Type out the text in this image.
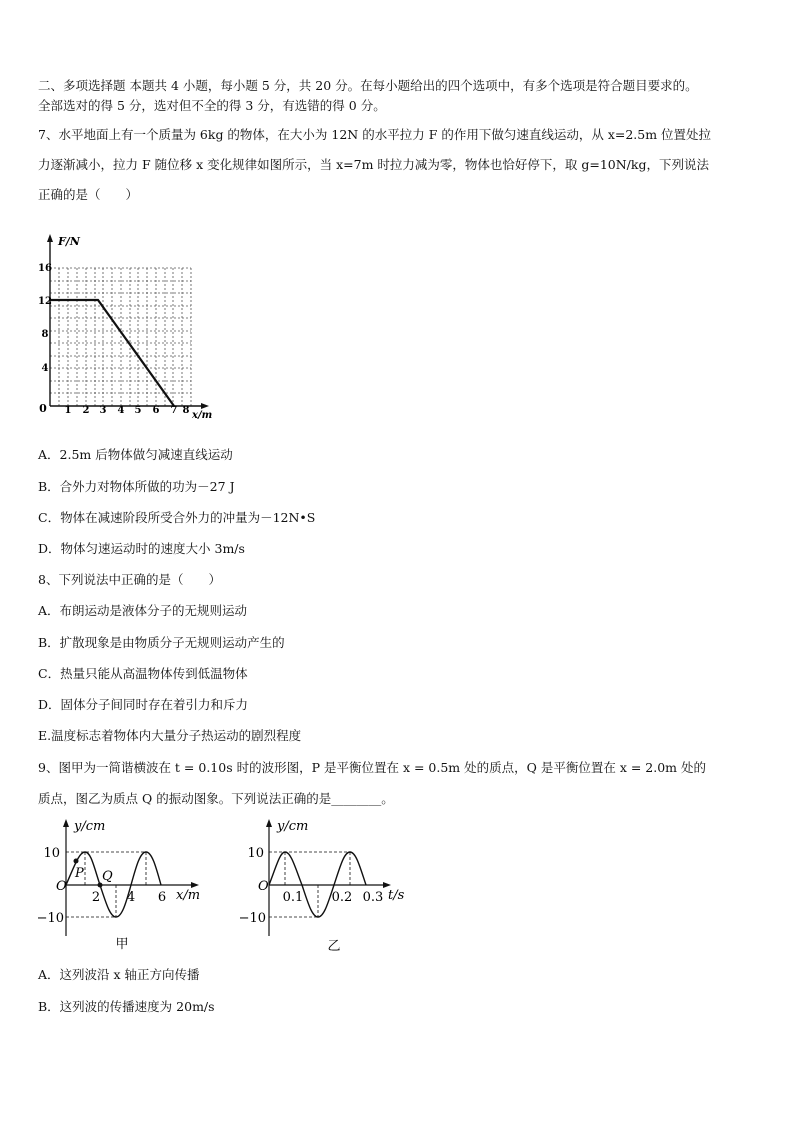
二、多项选择题 本题共 4 小题，每小题 5 分，共 20 分。在每小题给出的四个选项中，有多个选项是符合题目要求的。
全部选对的得 5 分，选对但不全的得 3 分，有选错的得 0 分。
7、水平地面上有一个质量为 6kg 的物体，在大小为 12N 的水平拉力 F 的作用下做匀速直线运动，从 x=2.5m 位置处拉
力逐渐减小，拉力 F 随位移 x 变化规律如图所示，当 x=7m 时拉力减为零，物体也恰好停下，取 g=10N/kg，下列说法
正确的是（　　）
F/N
x/m
0
16
12
8
4
1 2 3 4 5 6 7 8
A．2.5m 后物体做匀减速直线运动
B．合外力对物体所做的功为－27 J
C．物体在减速阶段所受合外力的冲量为－12N•S
D．物体匀速运动时的速度大小 3m/s
8、下列说法中正确的是（　　）
A．布朗运动是液体分子的无规则运动
B．扩散现象是由物质分子无规则运动产生的
C．热量只能从高温物体传到低温物体
D．固体分子间同时存在着引力和斥力
E.温度标志着物体内大量分子热运动的剧烈程度
9、图甲为一简谐横波在 t = 0.10s 时的波形图，P 是平衡位置在 x = 0.5m 处的质点，Q 是平衡位置在 x = 2.0m 处的
质点，图乙为质点 Q 的振动图象。下列说法正确的是________。
y/cm
x/m
O
10
−10
2 4 6
P Q
甲
y/cm
t/s
O
10
−10
0.1 0.2 0.3
乙
A．这列波沿 x 轴正方向传播
B．这列波的传播速度为 20m/s
